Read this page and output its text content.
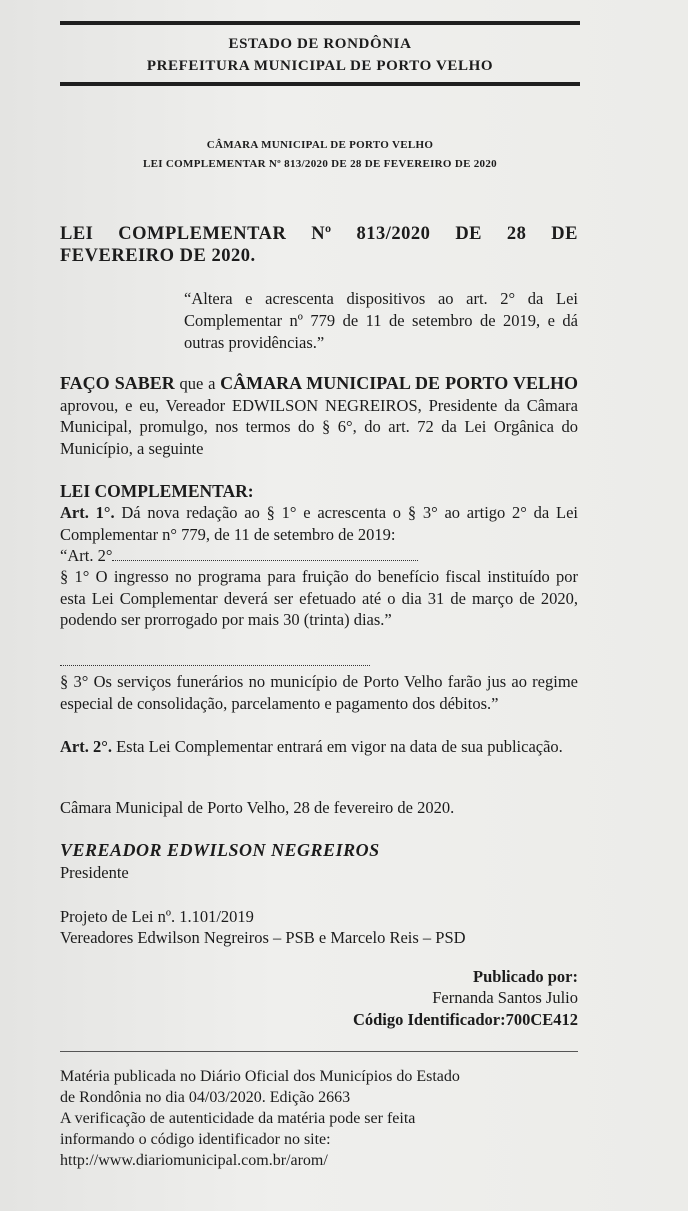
ESTADO DE RONDÔNIA
PREFEITURA MUNICIPAL DE PORTO VELHO
CÂMARA MUNICIPAL DE PORTO VELHO
LEI COMPLEMENTAR Nº 813/2020 DE 28 DE FEVEREIRO DE 2020
LEI COMPLEMENTAR Nº 813/2020 DE 28 DE FEVEREIRO DE 2020.
“Altera e acrescenta dispositivos ao art. 2° da Lei Complementar nº 779 de 11 de setembro de 2019, e dá outras providências.”
FAÇO SABER que a CÂMARA MUNICIPAL DE PORTO VELHO aprovou, e eu, Vereador EDWILSON NEGREIROS, Presidente da Câmara Municipal, promulgo, nos termos do § 6°, do art. 72 da Lei Orgânica do Município, a seguinte
LEI COMPLEMENTAR:
Art. 1°. Dá nova redação ao § 1° e acrescenta o § 3° ao artigo 2° da Lei Complementar n° 779, de 11 de setembro de 2019:
“Art. 2°
§ 1° O ingresso no programa para fruição do benefício fiscal instituído por esta Lei Complementar deverá ser efetuado até o dia 31 de março de 2020, podendo ser prorrogado por mais 30 (trinta) dias.”
§ 3° Os serviços funerários no município de Porto Velho farão jus ao regime especial de consolidação, parcelamento e pagamento dos débitos.”
Art. 2°. Esta Lei Complementar entrará em vigor na data de sua publicação.
Câmara Municipal de Porto Velho, 28 de fevereiro de 2020.
VEREADOR EDWILSON NEGREIROS
Presidente
Projeto de Lei nº. 1.101/2019
Vereadores Edwilson Negreiros – PSB e Marcelo Reis – PSD
Publicado por:
Fernanda Santos Julio
Código Identificador:700CE412
Matéria publicada no Diário Oficial dos Municípios do Estado
de Rondônia no dia 04/03/2020. Edição 2663
A verificação de autenticidade da matéria pode ser feita
informando o código identificador no site:
http://www.diariomunicipal.com.br/arom/
